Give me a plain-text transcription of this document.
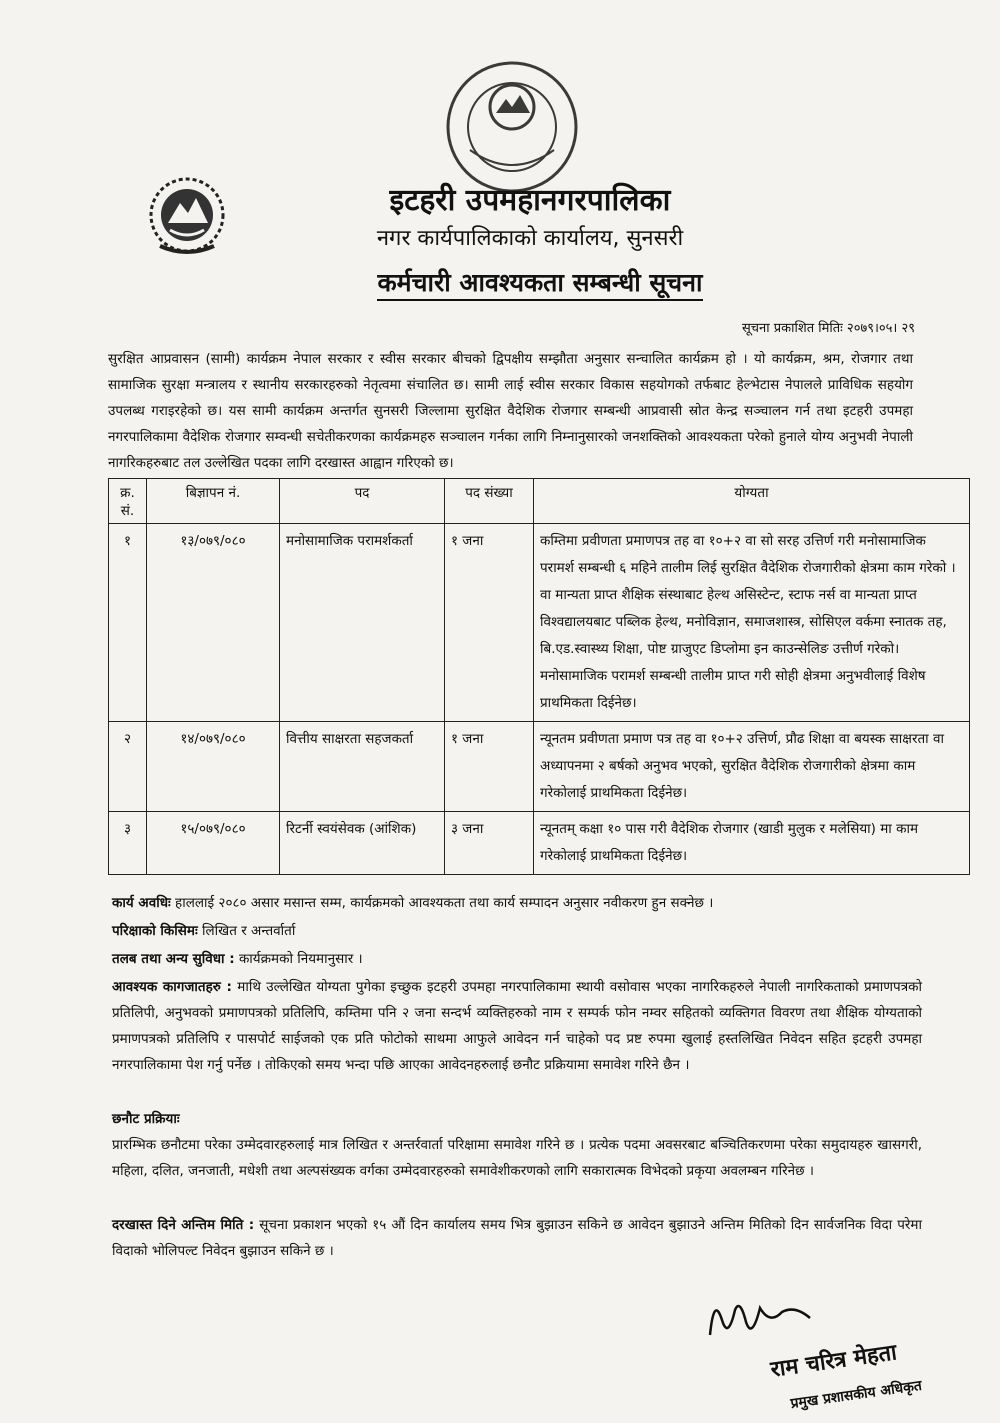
इटहरी उपमहानगरपालिका
नगर कार्यपालिकाको कार्यालय, सुनसरी
कर्मचारी आवश्यकता सम्बन्धी सूचना
सूचना प्रकाशित मितिः २०७९।०५। २९
सुरक्षित आप्रवासन (सामी) कार्यक्रम नेपाल सरकार र स्वीस सरकार बीचको द्विपक्षीय सम्झौता अनुसार सन्चालित कार्यक्रम हो । यो कार्यक्रम, श्रम, रोजगार तथा सामाजिक सुरक्षा मन्त्रालय र स्थानीय सरकारहरुको नेतृत्वमा संचालित छ। सामी लाई स्वीस सरकार विकास सहयोगको तर्फबाट हेल्भेटास नेपालले प्राविधिक सहयोग उपलब्ध गराइरहेको छ। यस सामी कार्यक्रम अन्तर्गत सुनसरी जिल्लामा सुरक्षित वैदेशिक रोजगार सम्बन्धी आप्रवासी स्रोत केन्द्र सञ्चालन गर्न तथा इटहरी उपमहा नगरपालिकामा वैदेशिक रोजगार सम्वन्धी सचेतीकरणका कार्यक्रमहरु सञ्चालन गर्नका लागि निम्नानुसारको जनशक्तिको आवश्यकता परेको हुनाले योग्य अनुभवी नेपाली नागरिकहरुबाट तल उल्लेखित पदका लागि दरखास्त आह्वान गरिएको छ।
क्र. सं.	बिज्ञापन नं.	पद	पद संख्या	योग्यता
१	१३/०७९/०८०	मनोसामाजिक परामर्शकर्ता	१ जना	कम्तिमा प्रवीणता प्रमाणपत्र तह वा १०+२ वा सो सरह उत्तिर्ण गरी मनोसामाजिक परामर्श सम्बन्धी ६ महिने तालीम लिई सुरक्षित वैदेशिक रोजगारीको क्षेत्रमा काम गरेको । वा मान्यता प्राप्त शैक्षिक संस्थाबाट हेल्थ असिस्टेन्ट, स्टाफ नर्स वा मान्यता प्राप्त विश्वद्यालयबाट पब्लिक हेल्थ, मनोविज्ञान, समाजशास्त्र, सोसिएल वर्कमा स्नातक तह, बि.एड.स्वास्थ्य शिक्षा, पोष्ट ग्राजुएट डिप्लोमा इन काउन्सेलिङ उत्तीर्ण गरेको।
मनोसामाजिक परामर्श सम्बन्धी तालीम प्राप्त गरी सोही क्षेत्रमा अनुभवीलाई विशेष प्राथमिकता दिईनेछ।

२	१४/०७९/०८०	वित्तीय साक्षरता सहजकर्ता	१ जना	न्यूनतम प्रवीणता प्रमाण पत्र तह वा १०+२ उत्तिर्ण, प्रौढ शिक्षा वा बयस्क साक्षरता वा अध्यापनमा २ बर्षको अनुभव भएको, सुरक्षित वैदेशिक रोजगारीको क्षेत्रमा काम गरेकोलाई प्राथमिकता दिईनेछ।

३	१५/०७९/०८०	रिटर्नी स्वयंसेवक (आंशिक)	३ जना	न्यूनतम् कक्षा १० पास गरी वैदेशिक रोजगार (खाडी मुलुक र मलेसिया) मा काम गरेकोलाई प्राथमिकता दिईनेछ।
कार्य अवधिः हाललाई २०८० असार मसान्त सम्म, कार्यक्रमको आवश्यकता तथा कार्य सम्पादन अनुसार नवीकरण हुन सक्नेछ ।
परिक्षाको किसिमः लिखित र अन्तर्वार्ता
तलब तथा अन्य सुविधा : कार्यक्रमको नियमानुसार ।
आवश्यक कागजातहरु : माथि उल्लेखित योग्यता पुगेका इच्छुक इटहरी उपमहा नगरपालिकामा स्थायी वसोवास भएका नागरिकहरुले नेपाली नागरिकताको प्रमाणपत्रको प्रतिलिपी, अनुभवको प्रमाणपत्रको प्रतिलिपि, कम्तिमा पनि २ जना सन्दर्भ व्यक्तिहरुको नाम र सम्पर्क फोन नम्वर सहितको व्यक्तिगत विवरण तथा शैक्षिक योग्यताको प्रमाणपत्रको प्रतिलिपि र पासपोर्ट साईजको एक प्रति फोटोको साथमा आफुले आवेदन गर्न चाहेको पद प्रष्ट रुपमा खुलाई हस्तलिखित निवेदन सहित इटहरी उपमहा नगरपालिकामा पेश गर्नु पर्नेछ । तोकिएको समय भन्दा पछि आएका आवेदनहरुलाई छनौट प्रक्रियामा समावेश गरिने छैन ।
छनौट प्रक्रियाः
प्रारम्भिक छनौटमा परेका उम्मेदवारहरुलाई मात्र लिखित र अन्तर्रवार्ता परिक्षामा समावेश गरिने छ । प्रत्येक पदमा अवसरबाट बञ्चितिकरणमा परेका समुदायहरु खासगरी, महिला, दलित, जनजाती, मधेशी तथा अल्पसंख्यक वर्गका उम्मेदवारहरुको समावेशीकरणको लागि सकारात्मक विभेदको प्रकृया अवलम्बन गरिनेछ ।
दरखास्त दिने अन्तिम मिति : सूचना प्रकाशन भएको १५ औं दिन कार्यालय समय भित्र बुझाउन सकिने छ आवेदन बुझाउने अन्तिम मितिको दिन सार्वजनिक विदा परेमा विदाको भोलिपल्ट निवेदन बुझाउन सकिने छ ।
राम चरित्र मेहता
प्रमुख प्रशासकीय अधिकृत
